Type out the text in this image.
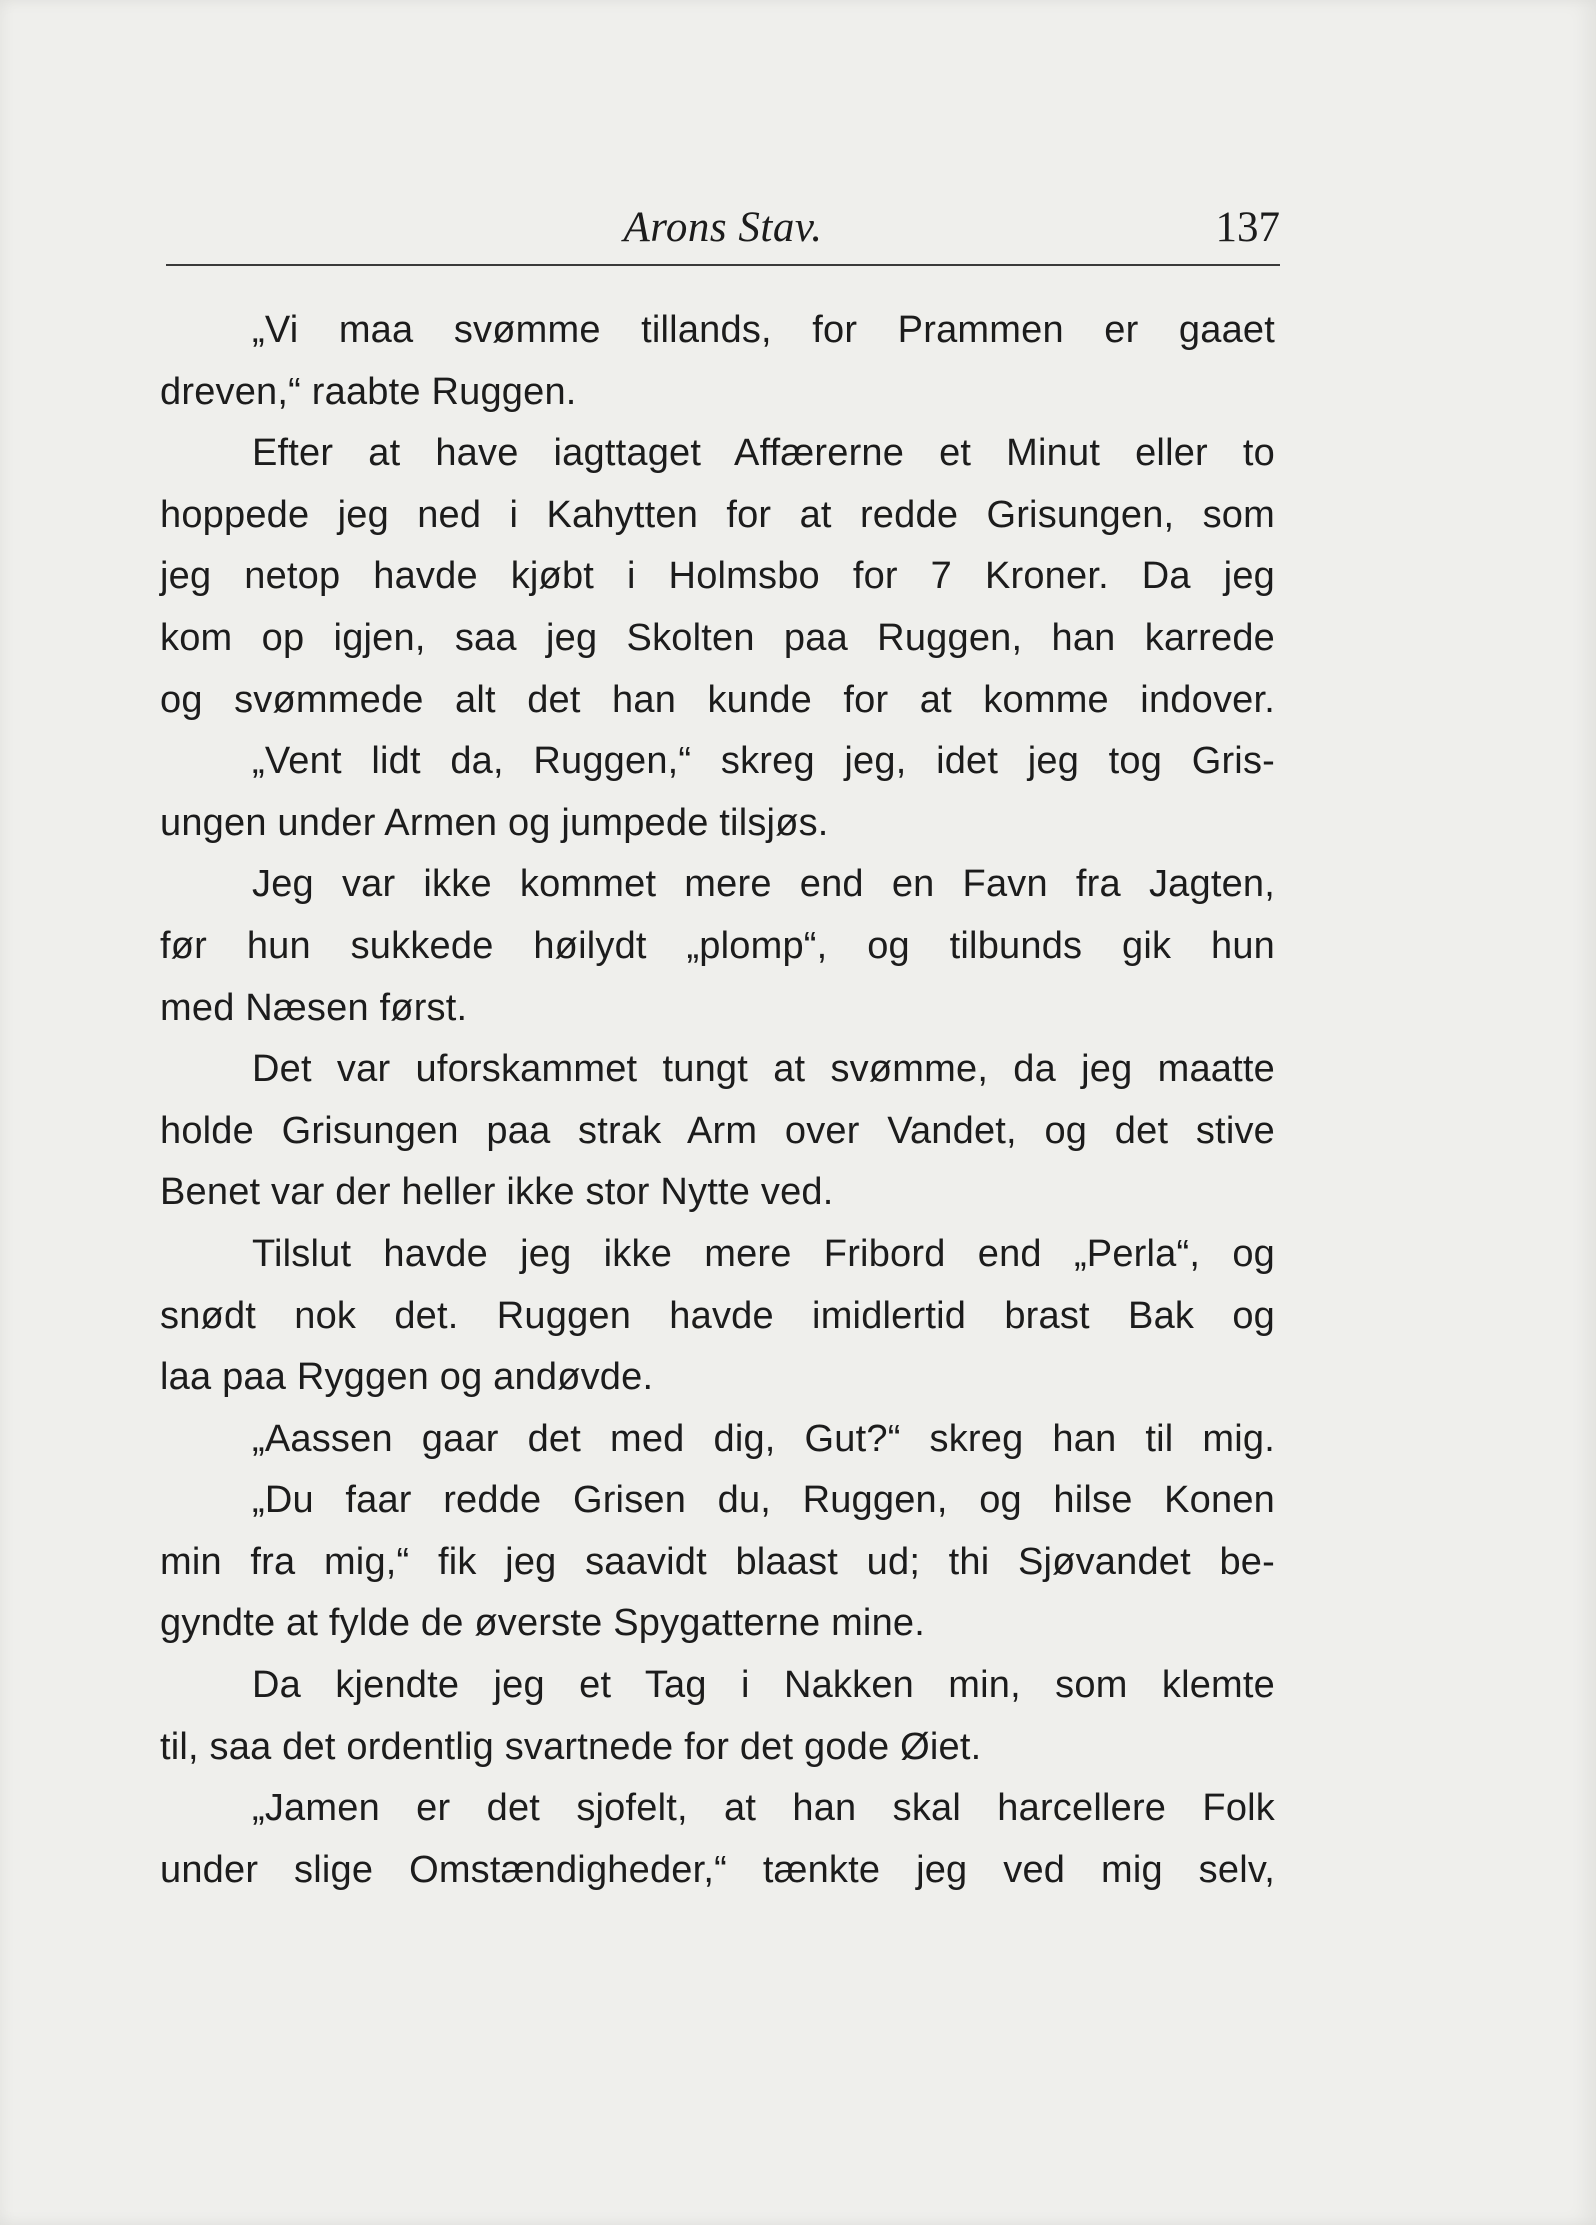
Arons Stav.	137
„Vi maa svømme tillands, for Prammen er gaaet
dreven,“ raabte Ruggen.
Efter at have iagttaget Affærerne et Minut eller to
hoppede jeg ned i Kahytten for at redde Grisungen, som
jeg netop havde kjøbt i Holmsbo for 7 Kroner. Da jeg
kom op igjen, saa jeg Skolten paa Ruggen, han karrede
og svømmede alt det han kunde for at komme indover.
„Vent lidt da, Ruggen,“ skreg jeg, idet jeg tog Gris-
ungen under Armen og jumpede tilsjøs.
Jeg var ikke kommet mere end en Favn fra Jagten,
før hun sukkede høilydt „plomp“, og tilbunds gik hun
med Næsen først.
Det var uforskammet tungt at svømme, da jeg maatte
holde Grisungen paa strak Arm over Vandet, og det stive
Benet var der heller ikke stor Nytte ved.
Tilslut havde jeg ikke mere Fribord end „Perla“, og
snødt nok det. Ruggen havde imidlertid brast Bak og
laa paa Ryggen og andøvde.
„Aassen gaar det med dig, Gut?“ skreg han til mig.
„Du faar redde Grisen du, Ruggen, og hilse Konen
min fra mig,“ fik jeg saavidt blaast ud; thi Sjøvandet be-
gyndte at fylde de øverste Spygatterne mine.
Da kjendte jeg et Tag i Nakken min, som klemte
til, saa det ordentlig svartnede for det gode Øiet.
„Jamen er det sjofelt, at han skal harcellere Folk
under slige Omstændigheder,“ tænkte jeg ved mig selv,
